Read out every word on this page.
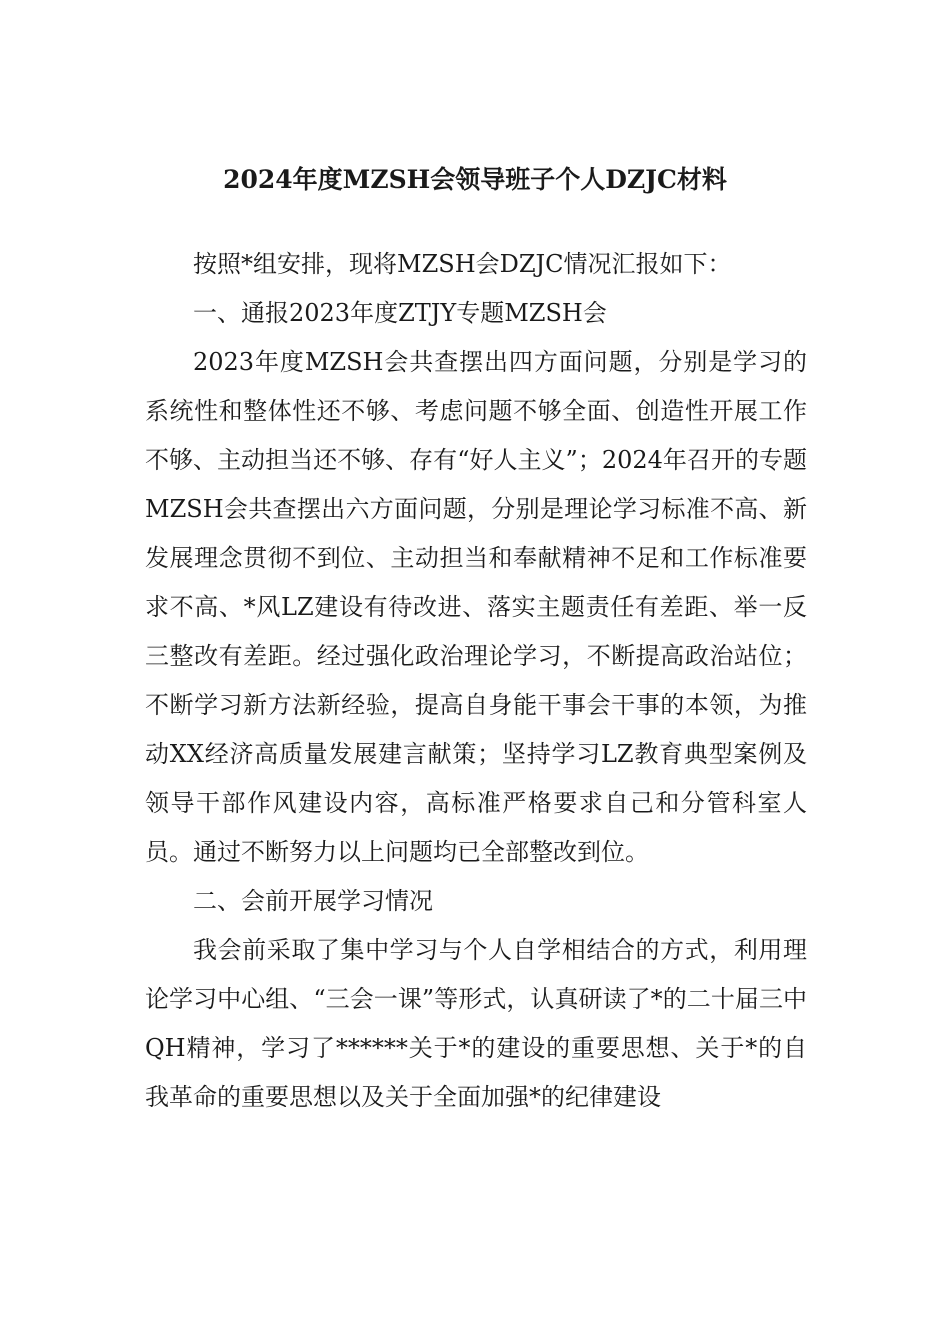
2024年度MZSH会领导班子个人DZJC材料

按照*组安排，现将MZSH会DZJC情况汇报如下：

一、通报2023年度ZTJY专题MZSH会

2023年度MZSH会共查摆出四方面问题，分别是学习的系统性和整体性还不够、考虑问题不够全面、创造性开展工作不够、主动担当还不够、存有“好人主义”；2024年召开的专题MZSH会共查摆出六方面问题，分别是理论学习标准不高、新发展理念贯彻不到位、主动担当和奉献精神不足和工作标准要求不高、*风LZ建设有待改进、落实主题责任有差距、举一反三整改有差距。经过强化政治理论学习，不断提高政治站位；不断学习新方法新经验，提高自身能干事会干事的本领，为推动XX经济高质量发展建言献策；坚持学习LZ教育典型案例及领导干部作风建设内容，高标准严格要求自己和分管科室人员。通过不断努力以上问题均已全部整改到位。

二、会前开展学习情况

我会前采取了集中学习与个人自学相结合的方式，利用理论学习中心组、“三会一课”等形式，认真研读了*的二十届三中QH精神，学习了******关于*的建设的重要思想、关于*的自我革命的重要思想以及关于全面加强*的纪律建设
